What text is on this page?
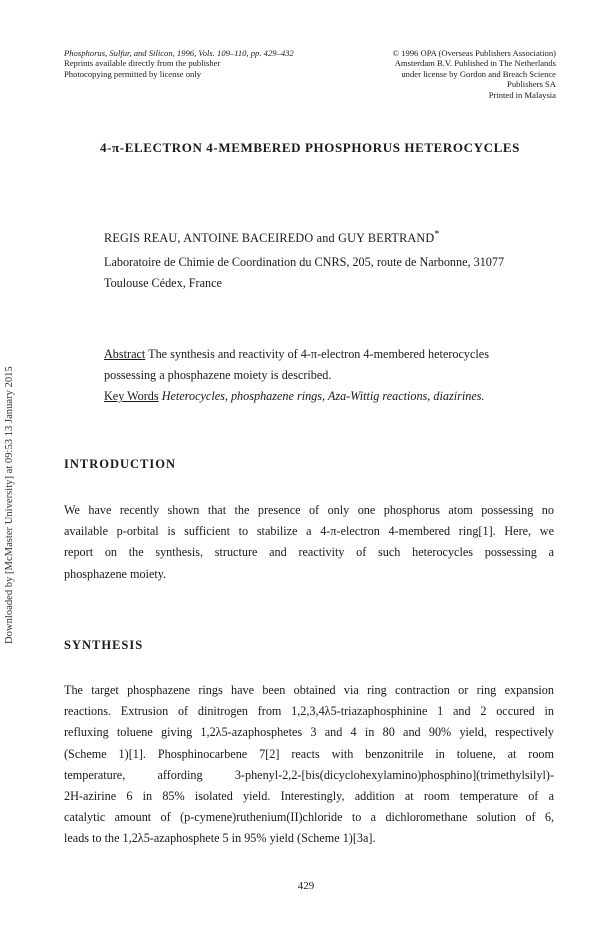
Downloaded by [McMaster University] at 09:53 13 January 2015
Phosphorus, Sulfur, and Silicon, 1996, Vols. 109–110, pp. 429–432
Reprints available directly from the publisher
Photocopying permitted by license only
© 1996 OPA (Overseas Publishers Association)
Amsterdam B.V. Published in The Netherlands
under license by Gordon and Breach Science
Publishers SA
Printed in Malaysia
4-π-ELECTRON 4-MEMBERED PHOSPHORUS HETEROCYCLES
REGIS REAU, ANTOINE BACEIREDO and GUY BERTRAND*
Laboratoire de Chimie de Coordination du CNRS, 205, route de Narbonne, 31077
Toulouse Cédex, France
Abstract The synthesis and reactivity of 4-π-electron 4-membered heterocycles
possessing a phosphazene moiety is described.
Key Words Heterocycles, phosphazene rings, Aza-Wittig reactions, diazirines.
INTRODUCTION
We have recently shown that the presence of only one phosphorus atom possessing no
available p-orbital is sufficient to stabilize a 4-π-electron 4-membered ring[1]. Here, we
report on the synthesis, structure and reactivity of such heterocycles possessing a
phosphazene moiety.
SYNTHESIS
The target phosphazene rings have been obtained via ring contraction or ring expansion
reactions. Extrusion of dinitrogen from 1,2,3,4λ5-triazaphosphinine 1 and 2 occured in
refluxing toluene giving 1,2λ5-azaphosphetes 3 and 4 in 80 and 90% yield, respectively
(Scheme 1)[1]. Phosphinocarbene 7[2] reacts with benzonitrile in toluene, at room
temperature, affording 3-phenyl-2,2-[bis(dicyclohexylamino)phosphino](trimethylsilyl)-
2H-azirine 6 in 85% isolated yield. Interestingly, addition at room temperature of a
catalytic amount of (p-cymene)ruthenium(II)chloride to a dichloromethane solution of 6,
leads to the 1,2λ5-azaphosphete 5 in 95% yield (Scheme 1)[3a].
429
